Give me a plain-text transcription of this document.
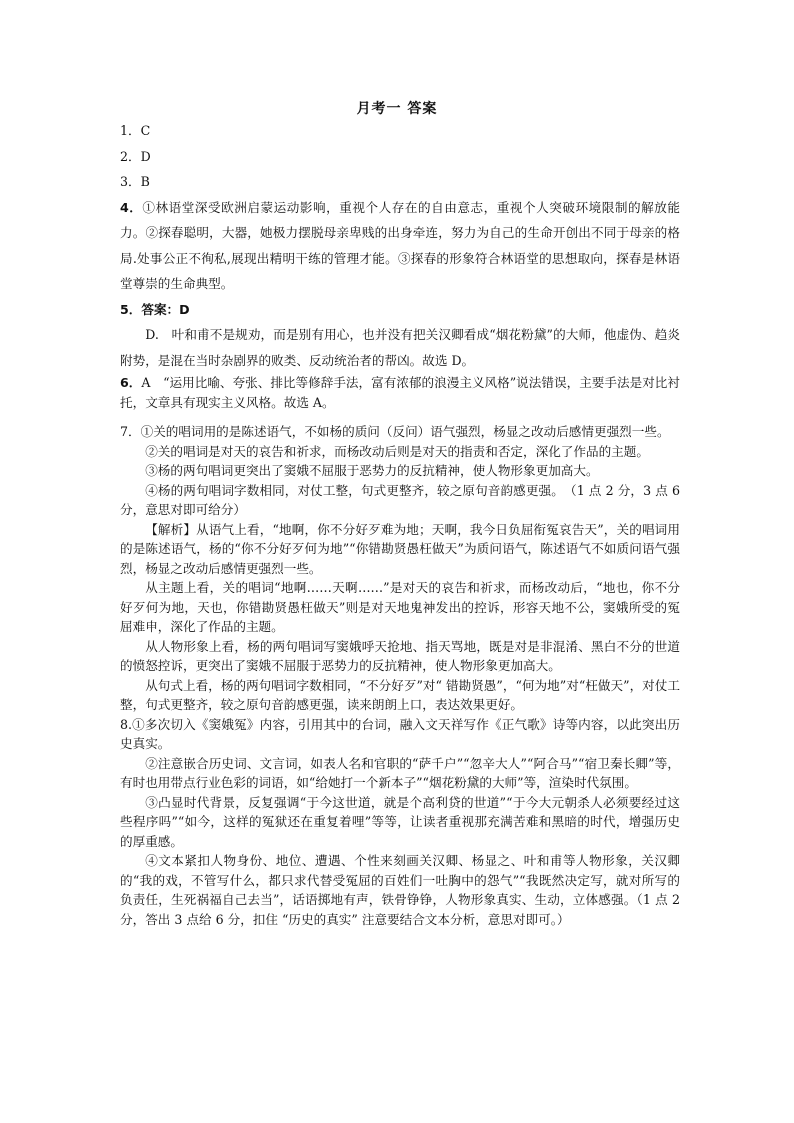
月考一 答案

1．C

2．D

3．B

4．①林语堂深受欧洲启蒙运动影响，重视个人存在的自由意志，重视个人突破环境限制的解放能力。②探春聪明，大器，她极力摆脱母亲卑贱的出身牵连，努力为自己的生命开创出不同于母亲的格局.处事公正不徇私,展现出精明干练的管理才能。③探春的形象符合林语堂的思想取向，探春是林语堂尊崇的生命典型。

5．答案：D

D.　叶和甫不是规劝，而是别有用心，也并没有把关汉卿看成“烟花粉黛”的大师，他虚伪、趋炎附势，是混在当时杂剧界的败类、反动统治者的帮凶。故选 D。

6．A　“运用比喻、夸张、排比等修辞手法，富有浓郁的浪漫主义风格”说法错误，主要手法是对比衬托，文章具有现实主义风格。故选 A。

7．①关的唱词用的是陈述语气，不如杨的质问（反问）语气强烈，杨显之改动后感情更强烈一些。

②关的唱词是对天的哀告和祈求，而杨改动后则是对天的指责和否定，深化了作品的主题。

③杨的两句唱词更突出了窦娥不屈服于恶势力的反抗精神，使人物形象更加高大。

④杨的两句唱词字数相同，对仗工整，句式更整齐，较之原句音韵感更强。　（1 点 2 分，3 点 6 分，意思对即可给分）

【解析】从语气上看，“地啊，你不分好歹难为地；天啊，我今日负屈衔冤哀告天”，关的唱词用的是陈述语气，杨的“你不分好歹何为地”“你错勘贤愚枉做天”为质问语气，陈述语气不如质问语气强烈，杨显之改动后感情更强烈一些。

从主题上看，关的唱词“地啊……天啊……”是对天的哀告和祈求，而杨改动后，“地也，你不分好歹何为地，天也，你错勘贤愚枉做天”则是对天地鬼神发出的控诉，形容天地不公，窦娥所受的冤屈难申，深化了作品的主题。

从人物形象上看，杨的两句唱词写窦娥呼天抢地、指天骂地，既是对是非混淆、黑白不分的世道的愤怒控诉，更突出了窦娥不屈服于恶势力的反抗精神，使人物形象更加高大。

从句式上看，杨的两句唱词字数相同，“不分好歹”对“ 错勘贤愚”，“何为地”对“枉做天”，对仗工整，句式更整齐，较之原句音韵感更强，读来朗朗上口，表达效果更好。

8.①多次切入《窦娥冤》内容，引用其中的台词，融入文天祥写作《正气歌》诗等内容，以此突出历史真实。

②注意嵌合历史词、文言词，如表人名和官职的“萨千户”“忽辛大人”“阿合马”“宿卫秦长卿”等，有时也用带点行业色彩的词语，如“给她打一个新本子”“烟花粉黛的大师”等，渲染时代氛围。

③凸显时代背景，反复强调“于今这世道，就是个高利贷的世道”“于今大元朝杀人必须要经过这些程序吗”“如今，这样的冤狱还在重复着哩”等等，让读者重视那充满苦难和黑暗的时代，增强历史的厚重感。

④文本紧扣人物身份、地位、遭遇、个性来刻画关汉卿、杨显之、叶和甫等人物形象，关汉卿的“我的戏，不管写什么，都只求代替受冤屈的百姓们一吐胸中的怨气”“我既然决定写，就对所写的负责任，生死祸福自己去当”，话语掷地有声，铁骨铮铮，人物形象真实、生动，立体感强。（1 点 2 分，答出 3 点给 6 分，扣住 “历史的真实” 注意要结合文本分析，意思对即可。）
